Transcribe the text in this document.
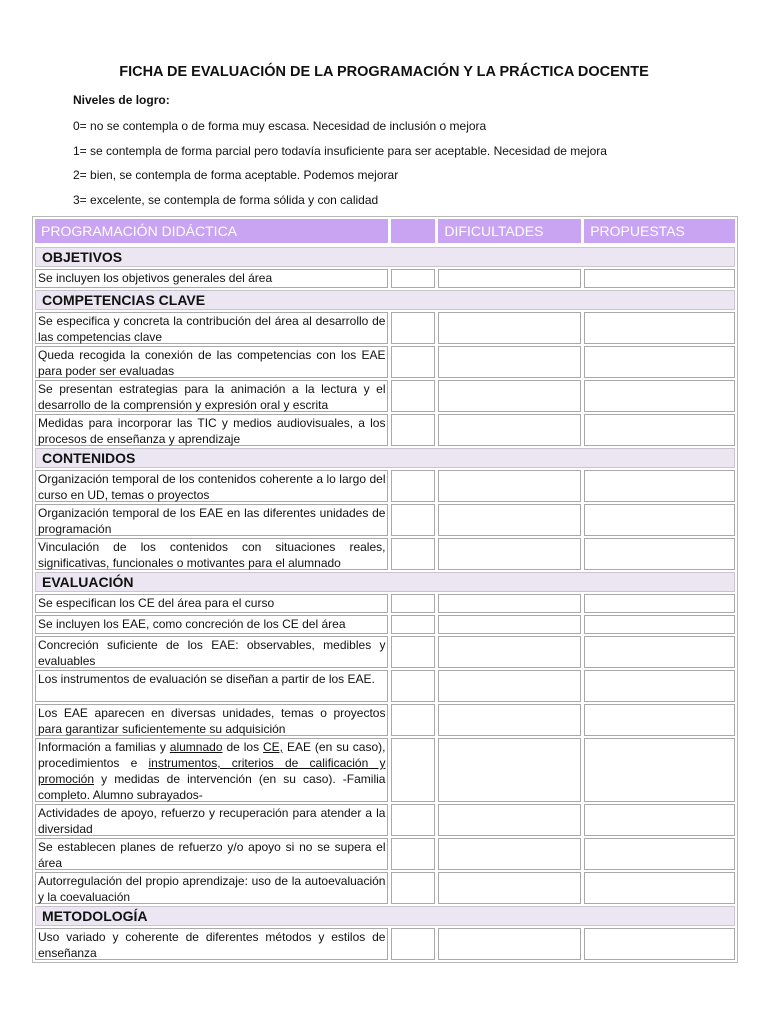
FICHA DE EVALUACIÓN DE LA PROGRAMACIÓN Y LA PRÁCTICA DOCENTE
Niveles de logro:
0= no se contempla o de forma muy escasa. Necesidad de inclusión o mejora
1= se contempla de forma parcial pero todavía insuficiente para ser aceptable. Necesidad de mejora
2= bien, se contempla de forma aceptable. Podemos mejorar
3= excelente, se contempla de forma sólida y con calidad
PROGRAMACIÓN DIDÁCTICA	DIFICULTADES	PROPUESTAS
OBJETIVOS
Se incluyen los objetivos generales del área
COMPETENCIAS CLAVE
Se especifica y concreta la contribución del área al desarrollo de las competencias clave
Queda recogida la conexión de las competencias con los EAE para poder ser evaluadas
Se presentan estrategias para la animación a la lectura y el desarrollo de la comprensión y expresión oral y escrita
Medidas para incorporar las TIC y medios audiovisuales, a los procesos de enseñanza y aprendizaje
CONTENIDOS
Organización temporal de los contenidos coherente a lo largo del curso en UD, temas o proyectos
Organización temporal de los EAE en las diferentes unidades de programación
Vinculación de los contenidos con situaciones reales, significativas, funcionales o motivantes para el alumnado
EVALUACIÓN
Se especifican los CE del área para el curso
Se incluyen los EAE, como concreción de los CE del área
Concreción suficiente de los EAE: observables, medibles y evaluables
Los instrumentos de evaluación se diseñan a partir de los EAE.
Los EAE aparecen en diversas unidades, temas o proyectos para garantizar suficientemente su adquisición
Información a familias y alumnado de los CE, EAE (en su caso), procedimientos e instrumentos, criterios de calificación y promoción y medidas de intervención (en su caso). -Familia completo. Alumno subrayados-
Actividades de apoyo, refuerzo y recuperación para atender a la diversidad
Se establecen planes de refuerzo y/o apoyo si no se supera el área
Autorregulación del propio aprendizaje: uso de la autoevaluación y la coevaluación
METODOLOGÍA
Uso variado y coherente de diferentes métodos y estilos de enseñanza
